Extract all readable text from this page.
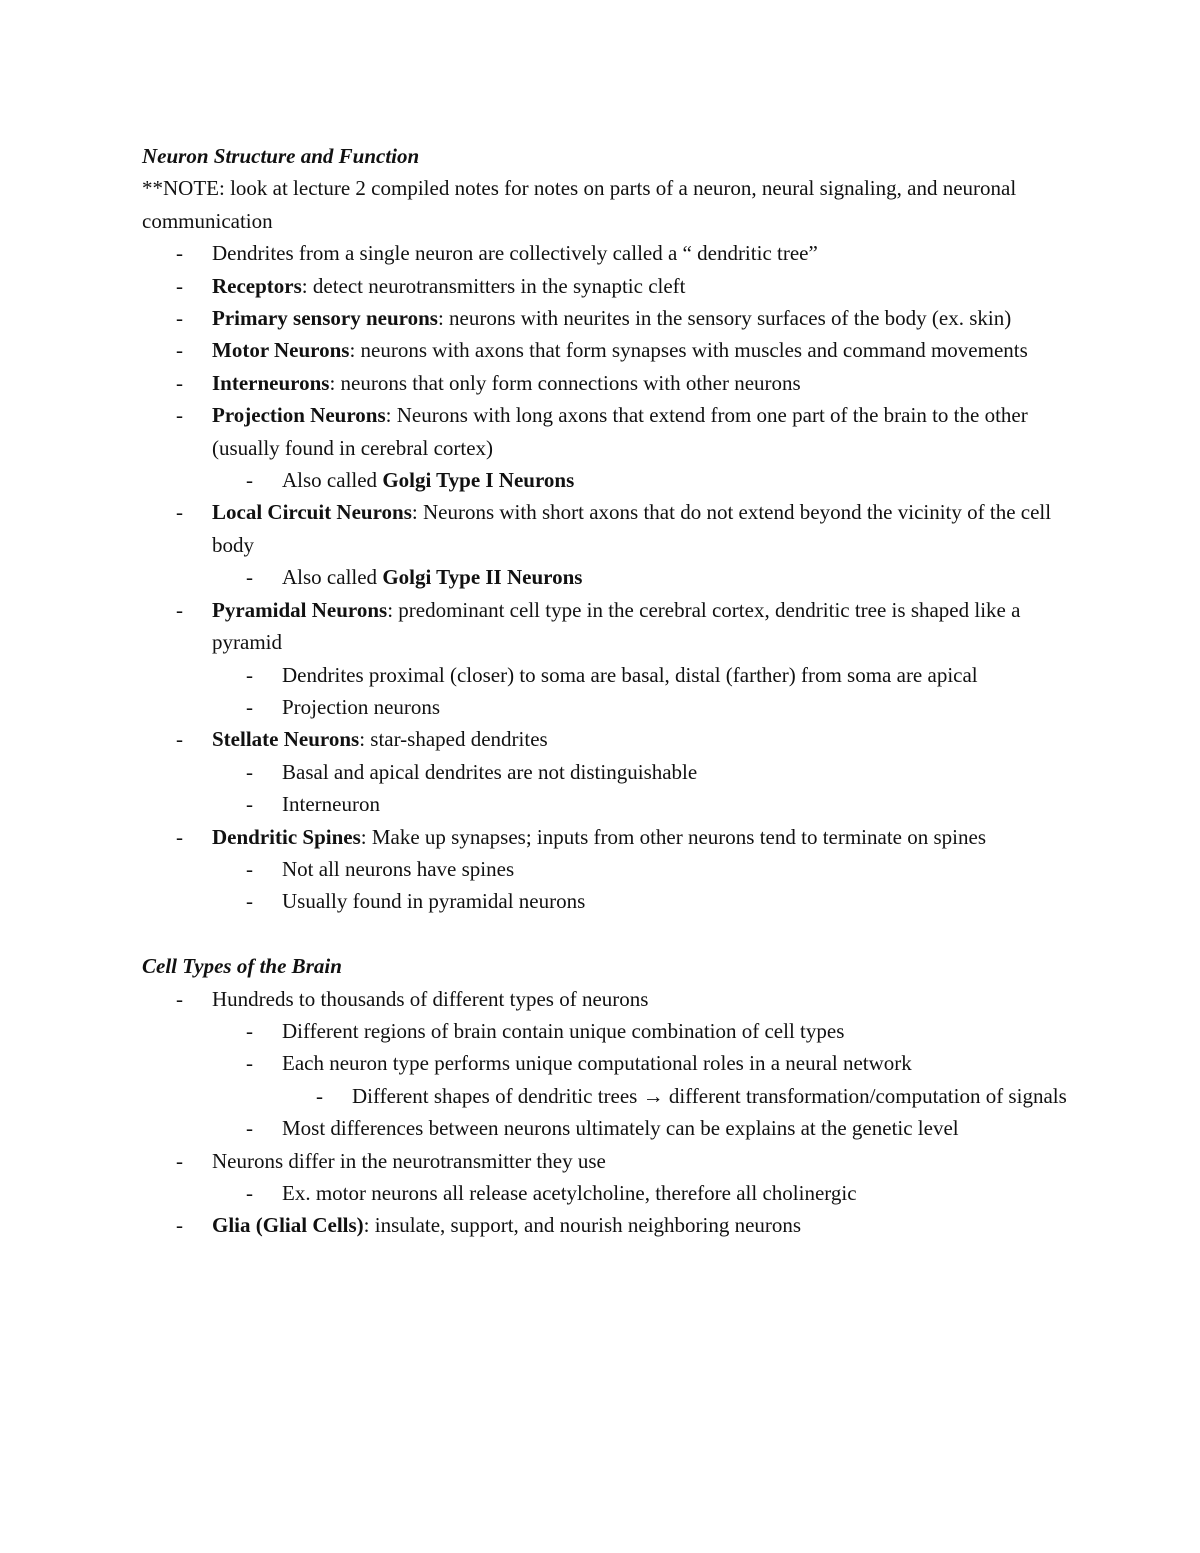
Neuron Structure and Function
**NOTE: look at lecture 2 compiled notes for notes on parts of a neuron, neural signaling, and neuronal communication
-	Dendrites from a single neuron are collectively called a “ dendritic tree”
-	Receptors: detect neurotransmitters in the synaptic cleft
-	Primary sensory neurons: neurons with neurites in the sensory surfaces of the body (ex. skin)
-	Motor Neurons: neurons with axons that form synapses with muscles and command movements
-	Interneurons: neurons that only form connections with other neurons
-	Projection Neurons: Neurons with long axons that extend from one part of the brain to the other (usually found in cerebral cortex)
-	Also called Golgi Type I Neurons
-	Local Circuit Neurons: Neurons with short axons that do not extend beyond the vicinity of the cell body
-	Also called Golgi Type II Neurons
-	Pyramidal Neurons: predominant cell type in the cerebral cortex, dendritic tree is shaped like a pyramid
-	Dendrites proximal (closer) to soma are basal, distal (farther) from soma are apical
-	Projection neurons
-	Stellate Neurons: star-shaped dendrites
-	Basal and apical dendrites are not distinguishable
-	Interneuron
-	Dendritic Spines: Make up synapses; inputs from other neurons tend to terminate on spines
-	Not all neurons have spines
-	Usually found in pyramidal neurons
Cell Types of the Brain
-	Hundreds to thousands of different types of neurons
-	Different regions of brain contain unique combination of cell types
-	Each neuron type performs unique computational roles in a neural network
-	Different shapes of dendritic trees → different transformation/computation of signals
-	Most differences between neurons ultimately can be explains at the genetic level
-	Neurons differ in the neurotransmitter they use
-	Ex. motor neurons all release acetylcholine, therefore all cholinergic
-	Glia (Glial Cells): insulate, support, and nourish neighboring neurons
